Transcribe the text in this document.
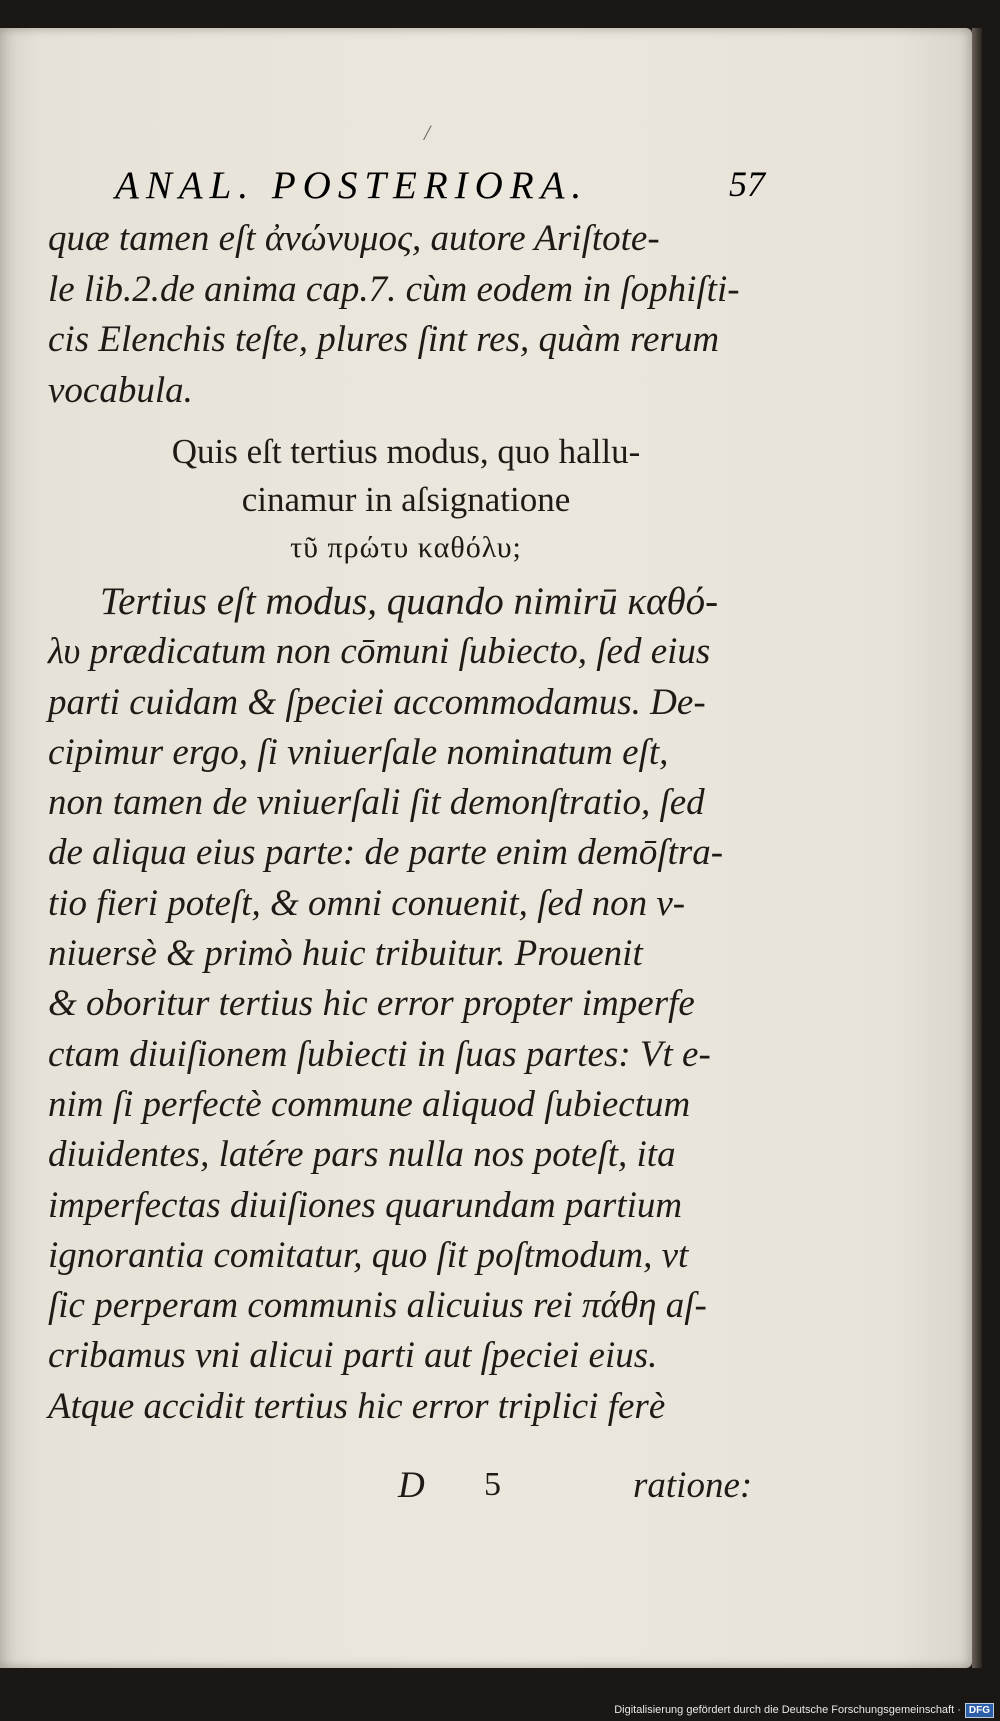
/
ANAL. POSTERIORA.	57
quæ tamen eſt ἀνώνυμος, autore Ariſtote-
le lib.2.de anima cap.7. cùm eodem in ſophiſti-
cis Elenchis teſte, plures ſint res, quàm rerum
vocabula.
Quis eſt tertius modus, quo hallu-
cinamur in aſsignatione
τῦ πρώτυ καθόλυ;
Tertius eſt modus, quando nimirū καθό-
λυ prædicatum non cōmuni ſubiecto, ſed eius
parti cuidam & ſpeciei accommodamus. De-
cipimur ergo, ſi vniuerſale nominatum eſt,
non tamen de vniuerſali ſit demonſtratio, ſed
de aliqua eius parte: de parte enim demōſtra-
tio fieri poteſt, & omni conuenit, ſed non v-
niuersè & primò huic tribuitur. Prouenit
& oboritur tertius hic error propter imperfe
ctam diuiſionem ſubiecti in ſuas partes: Vt e-
nim ſi perfectè commune aliquod ſubiectum
diuidentes, latére pars nulla nos poteſt, ita
imperfectas diuiſiones quarundam partium
ignorantia comitatur, quo ſit poſtmodum, vt
ſic perperam communis alicuius rei πάθη aſ-
cribamus vni alicui parti aut ſpeciei eius.
Atque accidit tertius hic error triplici ferè
D 5	ratione:
Digitalisierung gefördert durch die Deutsche Forschungsgemeinschaft · DFG
